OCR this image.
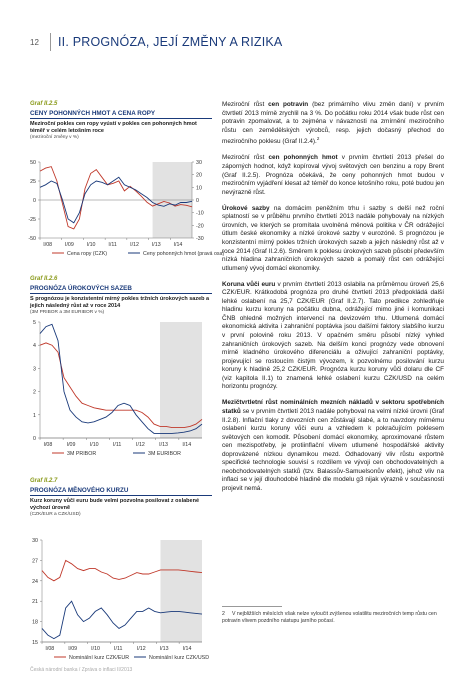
12 II. PROGNÓZA, JEJÍ ZMĚNY A RIZIKA
Graf II.2.5
CENY POHONNÝCH HMOT A CENA ROPY
Meziroční pokles cen ropy vyústí v pokles cen pohonných hmot téměř v celém letošním roce
(meziroční změny v %)
50
25
0
-25
-50
30
20
10
0
-10
-20
-30
I/08 I/09 I/10 I/11	I/12 I/13 I/14
Cena ropy (CZK)	Ceny pohonných hmot (pravá osa)
Graf II.2.6
PROGNÓZA ÚROKOVÝCH SAZEB
S prognózou je konzistentní mírný pokles tržních úrokových sazeb a jejich následný růst až v roce 2014
(3M PRIBOR a 3M EURIBOR v %)
5
4
3
2
1
0
I/08	I/09	I/10	I/11	I/12	I/13	I/14
3M PRIBOR	3M EURIBOR
Graf II.2.7
PROGNÓZA MĚNOVÉHO KURZU
Kurz koruny vůči euru bude velmi pozvolna posilovat z oslabené výchozí úrovně
(CZK/EUR a CZK/USD)
30
27
24
21
18
15
I/08	I/09	I/10	I/11	I/12	I/13	I/14
Nominální kurz CZK/EUR	Nominální kurz CZK/USD

Meziroční růst cen potravin (bez primárního vlivu změn daní) v prvním čtvrtletí 2013 mírně zrychlil na 3 %. Do počátku roku 2014 však bude růst cen potravin zpomalovat, a to zejména v návaznosti na zmírnění meziročního růstu cen zemědělských výrobců, resp. jejich dočasný přechod do meziročního poklesu (Graf II.2.4).$^2$

Meziroční růst cen pohonných hmot v prvním čtvrtletí 2013 přešel do záporných hodnot, když kopíroval vývoj světových cen benzinu a ropy Brent (Graf II.2.5). Prognóza očekává, že ceny pohonných hmot budou v meziročním vyjádření klesat až téměř do konce letošního roku, poté budou jen nevýrazně růst.

Úrokové sazby na domácím peněžním trhu i sazby s delší než roční splatností se v průběhu prvního čtvrtletí 2013 nadále pohybovaly na nízkých úrovních, ve kterých se promítala uvolněná měnová politika v ČR odrážející útlum české ekonomiky a nízké úrokové sazby v eurozóně. S prognózou je konzistentní mírný pokles tržních úrokových sazeb a jejich následný růst až v roce 2014 (Graf II.2.6). Směrem k poklesu úrokových sazeb působí především nízká hladina zahraničních úrokových sazeb a pomalý růst cen odrážející utlumený vývoj domácí ekonomiky.

Koruna vůči euru v prvním čtvrtletí 2013 oslabila na průměrnou úroveň 25,6 CZK/EUR. Krátkodobá prognóza pro druhé čtvrtletí 2013 předpokládá další lehké oslabení na 25,7 CZK/EUR (Graf II.2.7). Tato predikce zohledňuje hladinu kurzu koruny na počátku dubna, odrážející mimo jiné i komunikaci ČNB ohledně možných intervencí na devizovém trhu. Utlumená domácí ekonomická aktivita i zahraniční poptávka jsou dalšími faktory slabšího kurzu v první polovině roku 2013. V opačném směru působí nízký vyhled zahraničních úrokových sazeb. Na delším konci prognózy vede obnovení mírně kladného úrokového diferenciálu a oživující zahraniční poptávky, projevující se rostoucím čistým vývozem, k pozvolnému posilování kurzu koruny k hladině 25,2 CZK/EUR. Prognóza kurzu koruny vůči dolaru dle CF (viz kapitola II.1) to znamená lehké oslabení kurzu CZK/USD na celém horizontu prognózy.

Mezičtvrtletní růst nominálních mezních nákladů v sektoru spotřebních statků se v prvním čtvrtletí 2013 nadále pohyboval na velmi nízké úrovni (Graf II.2.8). Inflační tlaky z dovozních cen zůstávají slabé, a to navzdory mírnému oslabení kurzu koruny vůči euru a vzhledem k pokračujícím poklesem světových cen komodit. Působení domácí ekonomiky, aproximované růstem cen mezispotřeby, je protiinflační vlivem utlumené hospodářské aktivity doprovázené nízkou dynamikou mezd. Odhadovaný vliv růstu exportně specifické technologie souvisí s rozdílem ve vývoji cen obchodovatelných a neobchodovatelných statků (tzv. Balassův-Samuelsonův efekt), jehož vliv na inflaci se v její dlouhodobé hladině dle modelu g3 nijak výrazně v současnosti projevit nemá.

2 V nejbližších měsících však nelze vyloučit zvýšenou volatilitu meziročních temp růstu cen potravin vlivem pozdního nástupu jarního počasí.
Česká národní banka / Zpráva o inflaci II/2013
